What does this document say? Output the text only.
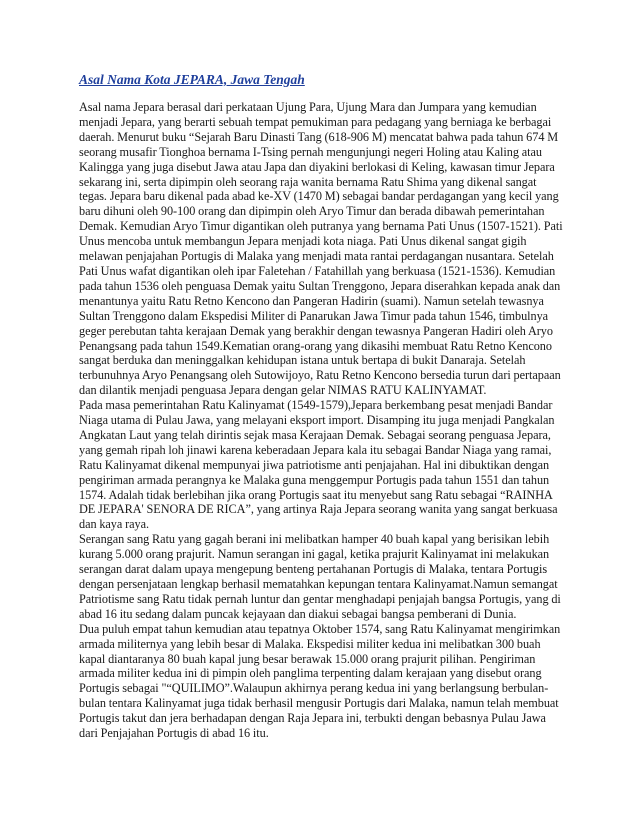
Asal Nama Kota JEPARA, Jawa Tengah

Asal nama Jepara berasal dari perkataan Ujung Para, Ujung Mara dan Jumpara yang kemudian menjadi Jepara, yang berarti sebuah tempat pemukiman para pedagang yang berniaga ke berbagai daerah. Menurut buku “Sejarah Baru Dinasti Tang (618-906 M) mencatat bahwa pada tahun 674 M seorang musafir Tionghoa bernama I-Tsing pernah mengunjungi negeri Holing atau Kaling atau Kalingga yang juga disebut Jawa atau Japa dan diyakini berlokasi di Keling, kawasan timur Jepara sekarang ini, serta dipimpin oleh seorang raja wanita bernama Ratu Shima yang dikenal sangat tegas. Jepara baru dikenal pada abad ke-XV (1470 M) sebagai bandar perdagangan yang kecil yang baru dihuni oleh 90-100 orang dan dipimpin oleh Aryo Timur dan berada dibawah pemerintahan Demak. Kemudian Aryo Timur digantikan oleh putranya yang bernama Pati Unus (1507-1521). Pati Unus mencoba untuk membangun Jepara menjadi kota niaga. Pati Unus dikenal sangat gigih melawan penjajahan Portugis di Malaka yang menjadi mata rantai perdagangan nusantara. Setelah Pati Unus wafat digantikan oleh ipar Faletehan / Fatahillah yang berkuasa (1521-1536). Kemudian pada tahun 1536 oleh penguasa Demak yaitu Sultan Trenggono, Jepara diserahkan kepada anak dan menantunya yaitu Ratu Retno Kencono dan Pangeran Hadirin (suami). Namun setelah tewasnya Sultan Trenggono dalam Ekspedisi Militer di Panarukan Jawa Timur pada tahun 1546, timbulnya geger perebutan tahta kerajaan Demak yang berakhir dengan tewasnya Pangeran Hadiri oleh Aryo Penangsang pada tahun 1549.Kematian orang-orang yang dikasihi membuat Ratu Retno Kencono sangat berduka dan meninggalkan kehidupan istana untuk bertapa di bukit Danaraja. Setelah terbunuhnya Aryo Penangsang oleh Sutowijoyo, Ratu Retno Kencono bersedia turun dari pertapaan dan dilantik menjadi penguasa Jepara dengan gelar NIMAS RATU KALINYAMAT.

Pada masa pemerintahan Ratu Kalinyamat (1549-1579),Jepara berkembang pesat menjadi Bandar Niaga utama di Pulau Jawa, yang melayani eksport import. Disamping itu juga menjadi Pangkalan Angkatan Laut yang telah dirintis sejak masa Kerajaan Demak. Sebagai seorang penguasa Jepara, yang gemah ripah loh jinawi karena keberadaan Jepara kala itu sebagai Bandar Niaga yang ramai, Ratu Kalinyamat dikenal mempunyai jiwa patriotisme anti penjajahan. Hal ini dibuktikan dengan pengiriman armada perangnya ke Malaka guna menggempur Portugis pada tahun 1551 dan tahun 1574. Adalah tidak berlebihan jika orang Portugis saat itu menyebut sang Ratu sebagai “RAINHA DE JEPARA' SENORA DE RICA”, yang artinya Raja Jepara seorang wanita yang sangat berkuasa dan kaya raya.

Serangan sang Ratu yang gagah berani ini melibatkan hamper 40 buah kapal yang berisikan lebih kurang 5.000 orang prajurit. Namun serangan ini gagal, ketika prajurit Kalinyamat ini melakukan serangan darat dalam upaya mengepung benteng pertahanan Portugis di Malaka, tentara Portugis dengan persenjataan lengkap berhasil mematahkan kepungan tentara Kalinyamat.Namun semangat Patriotisme sang Ratu tidak pernah luntur dan gentar menghadapi penjajah bangsa Portugis, yang di abad 16 itu sedang dalam puncak kejayaan dan diakui sebagai bangsa pemberani di Dunia.

Dua puluh empat tahun kemudian atau tepatnya Oktober 1574, sang Ratu Kalinyamat mengirimkan armada militernya yang lebih besar di Malaka. Ekspedisi militer kedua ini melibatkan 300 buah kapal diantaranya 80 buah kapal jung besar berawak 15.000 orang prajurit pilihan. Pengiriman armada militer kedua ini di pimpin oleh panglima terpenting dalam kerajaan yang disebut orang Portugis sebagai "“QUILIMO”.Walaupun akhirnya perang kedua ini yang berlangsung berbulan-bulan tentara Kalinyamat juga tidak berhasil mengusir Portugis dari Malaka, namun telah membuat Portugis takut dan jera berhadapan dengan Raja Jepara ini, terbukti dengan bebasnya Pulau Jawa dari Penjajahan Portugis di abad 16 itu.
